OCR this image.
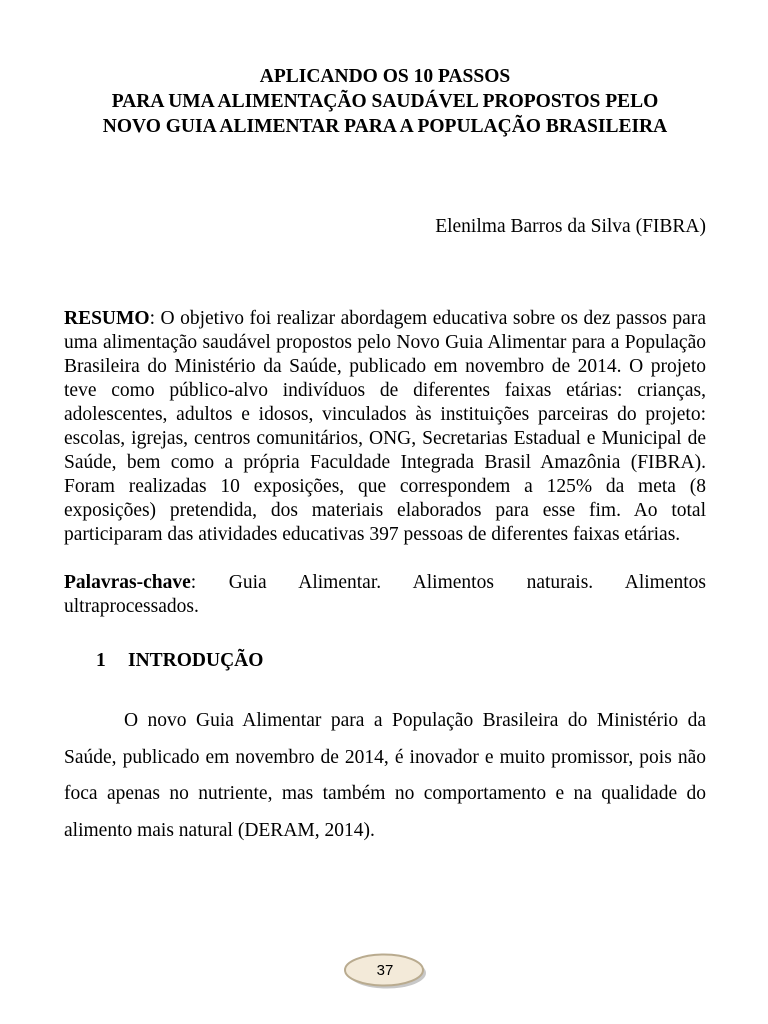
APLICANDO OS 10 PASSOS
PARA UMA ALIMENTAÇÃO SAUDÁVEL PROPOSTOS PELO
NOVO GUIA ALIMENTAR PARA A POPULAÇÃO BRASILEIRA
Elenilma Barros da Silva (FIBRA)
RESUMO: O objetivo foi realizar abordagem educativa sobre os dez passos para uma alimentação saudável propostos pelo Novo Guia Alimentar para a População Brasileira do Ministério da Saúde, publicado em novembro de 2014. O projeto teve como público-alvo indivíduos de diferentes faixas etárias: crianças, adolescentes, adultos e idosos, vinculados às instituições parceiras do projeto: escolas, igrejas, centros comunitários, ONG, Secretarias Estadual e Municipal de Saúde, bem como a própria Faculdade Integrada Brasil Amazônia (FIBRA). Foram realizadas 10 exposições, que correspondem a 125% da meta (8 exposições) pretendida, dos materiais elaborados para esse fim. Ao total participaram das atividades educativas 397 pessoas de diferentes faixas etárias.
Palavras-chave: Guia Alimentar. Alimentos naturais. Alimentos ultraprocessados.
1 INTRODUÇÃO
O novo Guia Alimentar para a População Brasileira do Ministério da Saúde, publicado em novembro de 2014, é inovador e muito promissor, pois não foca apenas no nutriente, mas também no comportamento e na qualidade do alimento mais natural (DERAM, 2014).
37
